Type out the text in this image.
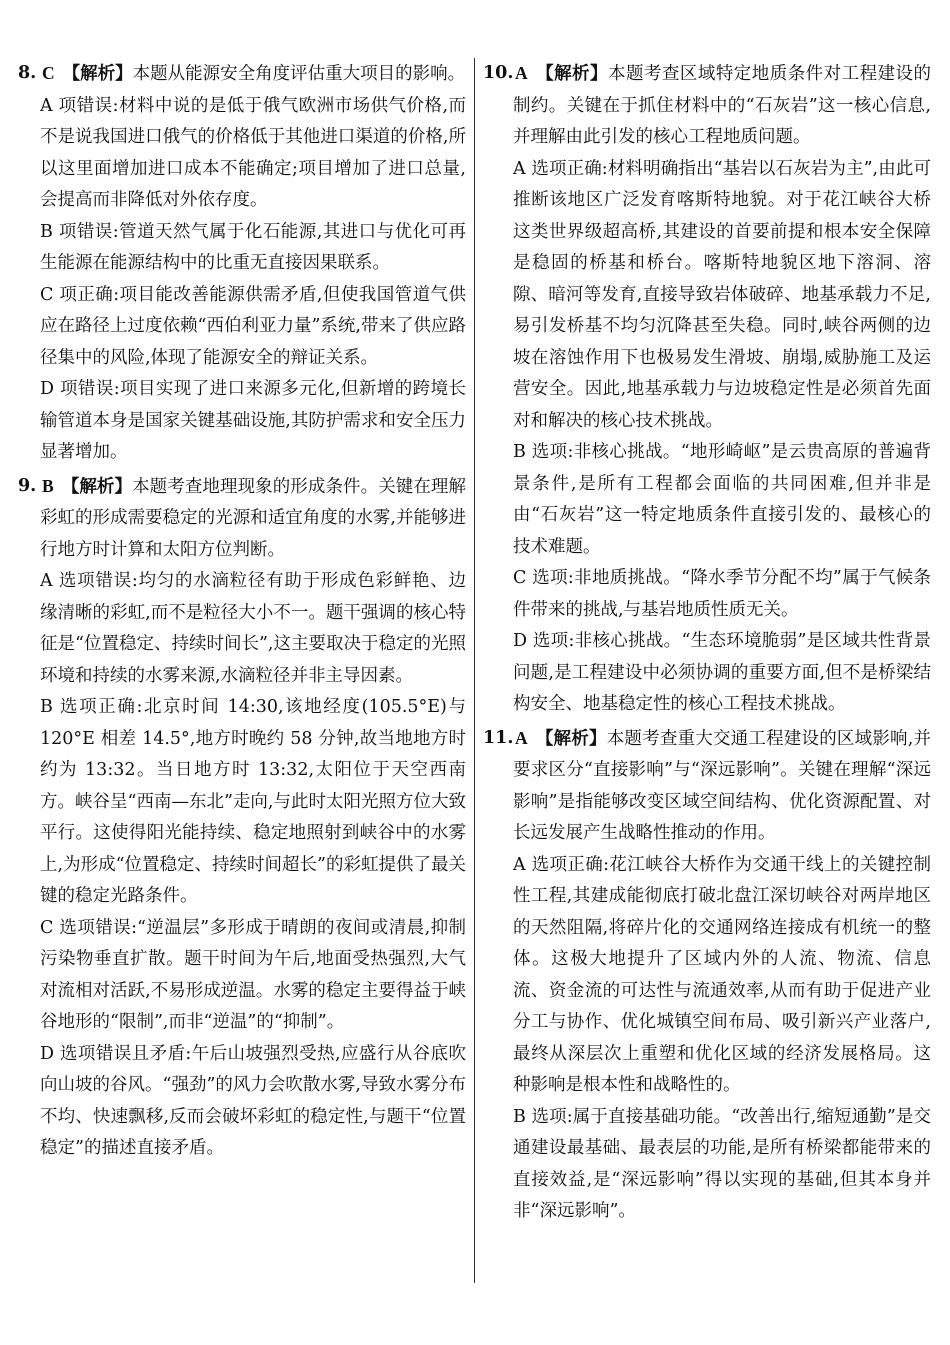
8. C 【解析】本题从能源安全角度评估重大项目的影响。

A 项错误:材料中说的是低于俄气欧洲市场供气价格,而不是说我国进口俄气的价格低于其他进口渠道的价格,所以这里面增加进口成本不能确定;项目增加了进口总量,会提高而非降低对外依存度。

B 项错误:管道天然气属于化石能源,其进口与优化可再生能源在能源结构中的比重无直接因果联系。

C 项正确:项目能改善能源供需矛盾,但使我国管道气供应在路径上过度依赖“西伯利亚力量”系统,带来了供应路径集中的风险,体现了能源安全的辩证关系。

D 项错误:项目实现了进口来源多元化,但新增的跨境长输管道本身是国家关键基础设施,其防护需求和安全压力显著增加。

9. B 【解析】本题考查地理现象的形成条件。关键在理解彩虹的形成需要稳定的光源和适宜角度的水雾,并能够进行地方时计算和太阳方位判断。

A 选项错误:均匀的水滴粒径有助于形成色彩鲜艳、边缘清晰的彩虹,而不是粒径大小不一。题干强调的核心特征是“位置稳定、持续时间长”,这主要取决于稳定的光照环境和持续的水雾来源,水滴粒径并非主导因素。

B 选项正确:北京时间 14:30,该地经度(105.5°E)与 120°E 相差 14.5°,地方时晚约 58 分钟,故当地地方时约为 13:32。当日地方时 13:32,太阳位于天空西南方。峡谷呈“西南—东北”走向,与此时太阳光照方位大致平行。这使得阳光能持续、稳定地照射到峡谷中的水雾上,为形成“位置稳定、持续时间超长”的彩虹提供了最关键的稳定光路条件。

C 选项错误:“逆温层”多形成于晴朗的夜间或清晨,抑制污染物垂直扩散。题干时间为午后,地面受热强烈,大气对流相对活跃,不易形成逆温。水雾的稳定主要得益于峡谷地形的“限制”,而非“逆温”的“抑制”。

D 选项错误且矛盾:午后山坡强烈受热,应盛行从谷底吹向山坡的谷风。“强劲”的风力会吹散水雾,导致水雾分布不均、快速飘移,反而会破坏彩虹的稳定性,与题干“位置稳定”的描述直接矛盾。

10. A 【解析】本题考查区域特定地质条件对工程建设的制约。关键在于抓住材料中的“石灰岩”这一核心信息,并理解由此引发的核心工程地质问题。

A 选项正确:材料明确指出“基岩以石灰岩为主”,由此可推断该地区广泛发育喀斯特地貌。对于花江峡谷大桥这类世界级超高桥,其建设的首要前提和根本安全保障是稳固的桥基和桥台。喀斯特地貌区地下溶洞、溶隙、暗河等发育,直接导致岩体破碎、地基承载力不足,易引发桥基不均匀沉降甚至失稳。同时,峡谷两侧的边坡在溶蚀作用下也极易发生滑坡、崩塌,威胁施工及运营安全。因此,地基承载力与边坡稳定性是必须首先面对和解决的核心技术挑战。

B 选项:非核心挑战。“地形崎岖”是云贵高原的普遍背景条件,是所有工程都会面临的共同困难,但并非是由“石灰岩”这一特定地质条件直接引发的、最核心的技术难题。

C 选项:非地质挑战。“降水季节分配不均”属于气候条件带来的挑战,与基岩地质性质无关。

D 选项:非核心挑战。“生态环境脆弱”是区域共性背景问题,是工程建设中必须协调的重要方面,但不是桥梁结构安全、地基稳定性的核心工程技术挑战。

11. A 【解析】本题考查重大交通工程建设的区域影响,并要求区分“直接影响”与“深远影响”。关键在理解“深远影响”是指能够改变区域空间结构、优化资源配置、对长远发展产生战略性推动的作用。

A 选项正确:花江峡谷大桥作为交通干线上的关键控制性工程,其建成能彻底打破北盘江深切峡谷对两岸地区的天然阻隔,将碎片化的交通网络连接成有机统一的整体。这极大地提升了区域内外的人流、物流、信息流、资金流的可达性与流通效率,从而有助于促进产业分工与协作、优化城镇空间布局、吸引新兴产业落户,最终从深层次上重塑和优化区域的经济发展格局。这种影响是根本性和战略性的。

B 选项:属于直接基础功能。“改善出行,缩短通勤”是交通建设最基础、最表层的功能,是所有桥梁都能带来的直接效益,是“深远影响”得以实现的基础,但其本身并非“深远影响”。
